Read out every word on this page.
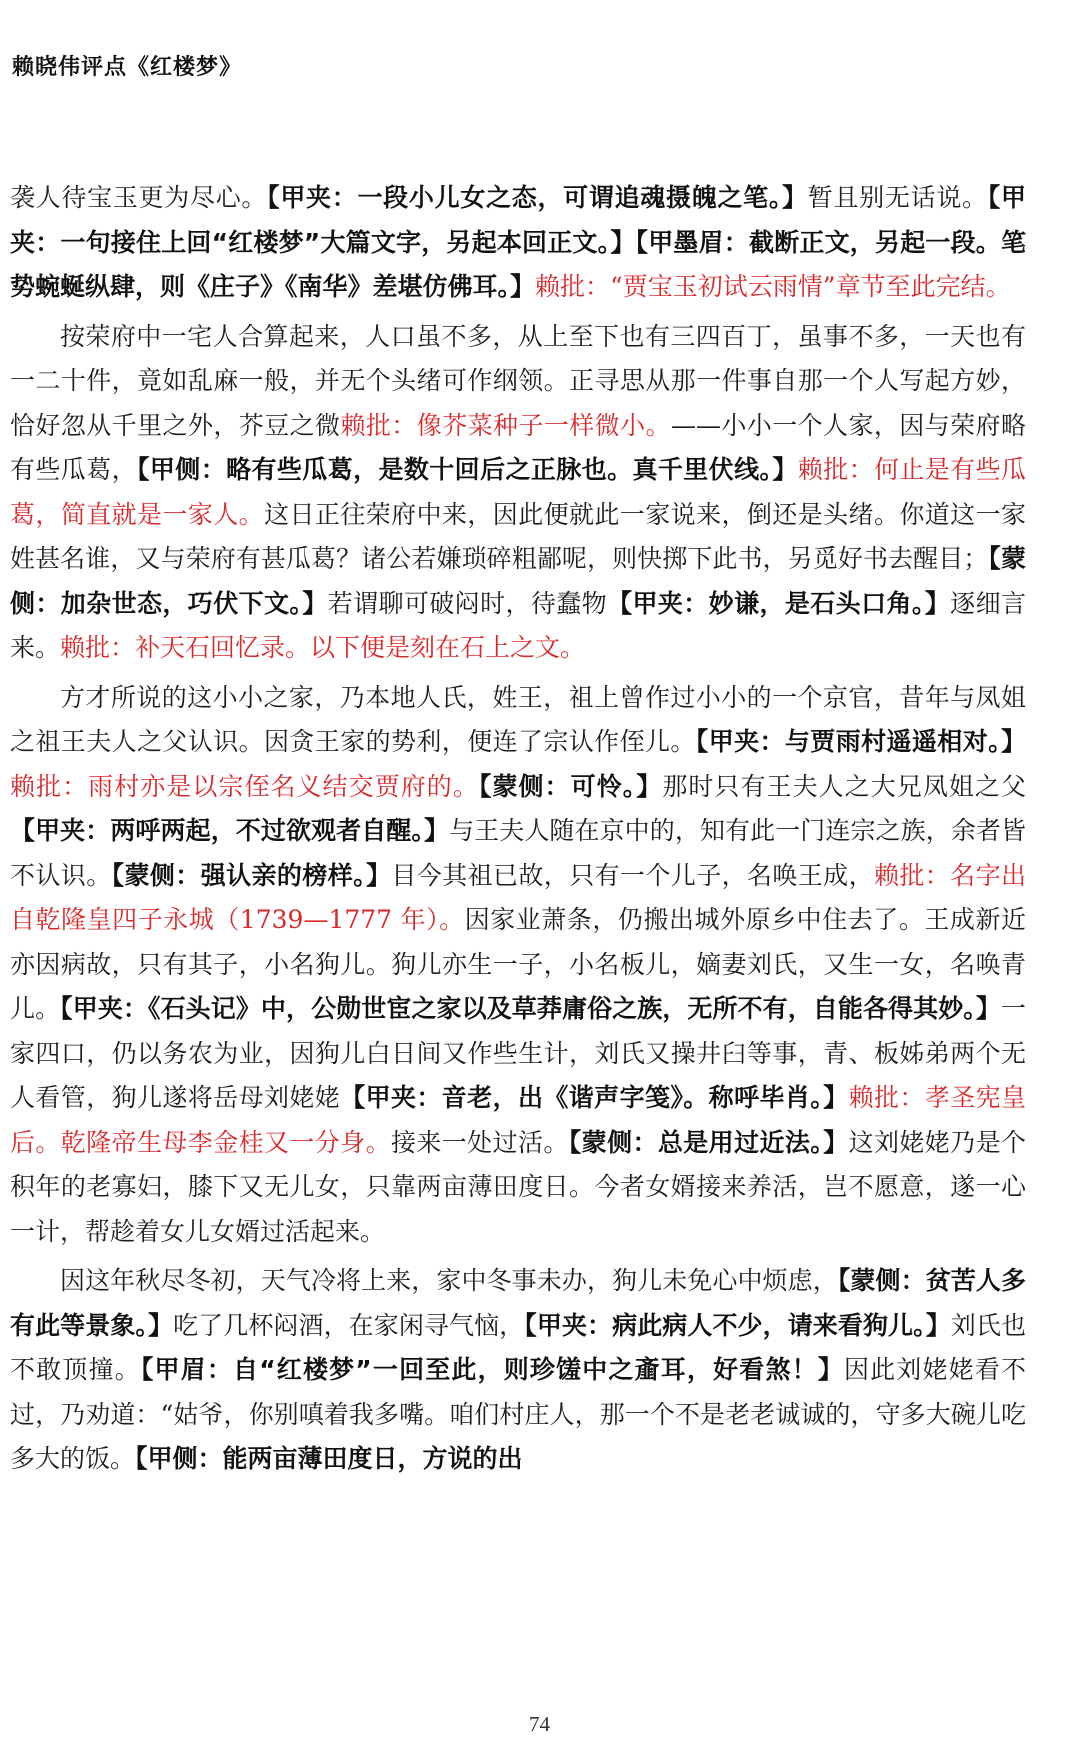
赖晓伟评点《红楼梦》

袭人待宝玉更为尽心。【甲夹：一段小儿女之态，可谓追魂摄魄之笔。】暂且别无话说。【甲夹：一句接住上回“红楼梦”大篇文字，另起本回正文。】【甲墨眉：截断正文，另起一段。笔势蜿蜒纵肆，则《庄子》《南华》差堪仿佛耳。】赖批：“贾宝玉初试云雨情”章节至此完结。

按荣府中一宅人合算起来，人口虽不多，从上至下也有三四百丁，虽事不多，一天也有一二十件，竟如乱麻一般，并无个头绪可作纲领。正寻思从那一件事自那一个人写起方妙，恰好忽从千里之外，芥豆之微赖批：像芥菜种子一样微小。——小小一个人家，因与荣府略有些瓜葛，【甲侧：略有些瓜葛，是数十回后之正脉也。真千里伏线。】赖批：何止是有些瓜葛，简直就是一家人。这日正往荣府中来，因此便就此一家说来，倒还是头绪。你道这一家姓甚名谁，又与荣府有甚瓜葛？诸公若嫌琐碎粗鄙呢，则快掷下此书，另觅好书去醒目；【蒙侧：加杂世态，巧伏下文。】若谓聊可破闷时，待蠢物【甲夹：妙谦，是石头口角。】逐细言来。赖批：补天石回忆录。以下便是刻在石上之文。

方才所说的这小小之家，乃本地人氏，姓王，祖上曾作过小小的一个京官，昔年与凤姐之祖王夫人之父认识。因贪王家的势利，便连了宗认作侄儿。【甲夹：与贾雨村遥遥相对。】赖批：雨村亦是以宗侄名义结交贾府的。【蒙侧：可怜。】那时只有王夫人之大兄凤姐之父【甲夹：两呼两起，不过欲观者自醒。】与王夫人随在京中的，知有此一门连宗之族，余者皆不认识。【蒙侧：强认亲的榜样。】目今其祖已故，只有一个儿子，名唤王成，赖批：名字出自乾隆皇四子永城（1739—1777 年）。因家业萧条，仍搬出城外原乡中住去了。王成新近亦因病故，只有其子，小名狗儿。狗儿亦生一子，小名板儿，嫡妻刘氏，又生一女，名唤青儿。【甲夹：《石头记》中，公勋世宦之家以及草莽庸俗之族，无所不有，自能各得其妙。】一家四口，仍以务农为业，因狗儿白日间又作些生计，刘氏又操井臼等事，青、板姊弟两个无人看管，狗儿遂将岳母刘姥姥【甲夹：音老，出《谐声字笺》。称呼毕肖。】赖批：孝圣宪皇后。乾隆帝生母李金桂又一分身。接来一处过活。【蒙侧：总是用过近法。】这刘姥姥乃是个积年的老寡妇，膝下又无儿女，只靠两亩薄田度日。今者女婿接来养活，岂不愿意，遂一心一计，帮趁着女儿女婿过活起来。

因这年秋尽冬初，天气冷将上来，家中冬事未办，狗儿未免心中烦虑，【蒙侧：贫苦人多有此等景象。】吃了几杯闷酒，在家闲寻气恼，【甲夹：病此病人不少，请来看狗儿。】刘氏也不敢顶撞。【甲眉：自“红楼梦”一回至此，则珍馐中之齑耳，好看煞！】因此刘姥姥看不过，乃劝道：“姑爷，你别嗔着我多嘴。咱们村庄人，那一个不是老老诚诚的，守多大碗儿吃多大的饭。【甲侧：能两亩薄田度日，方说的出

74
